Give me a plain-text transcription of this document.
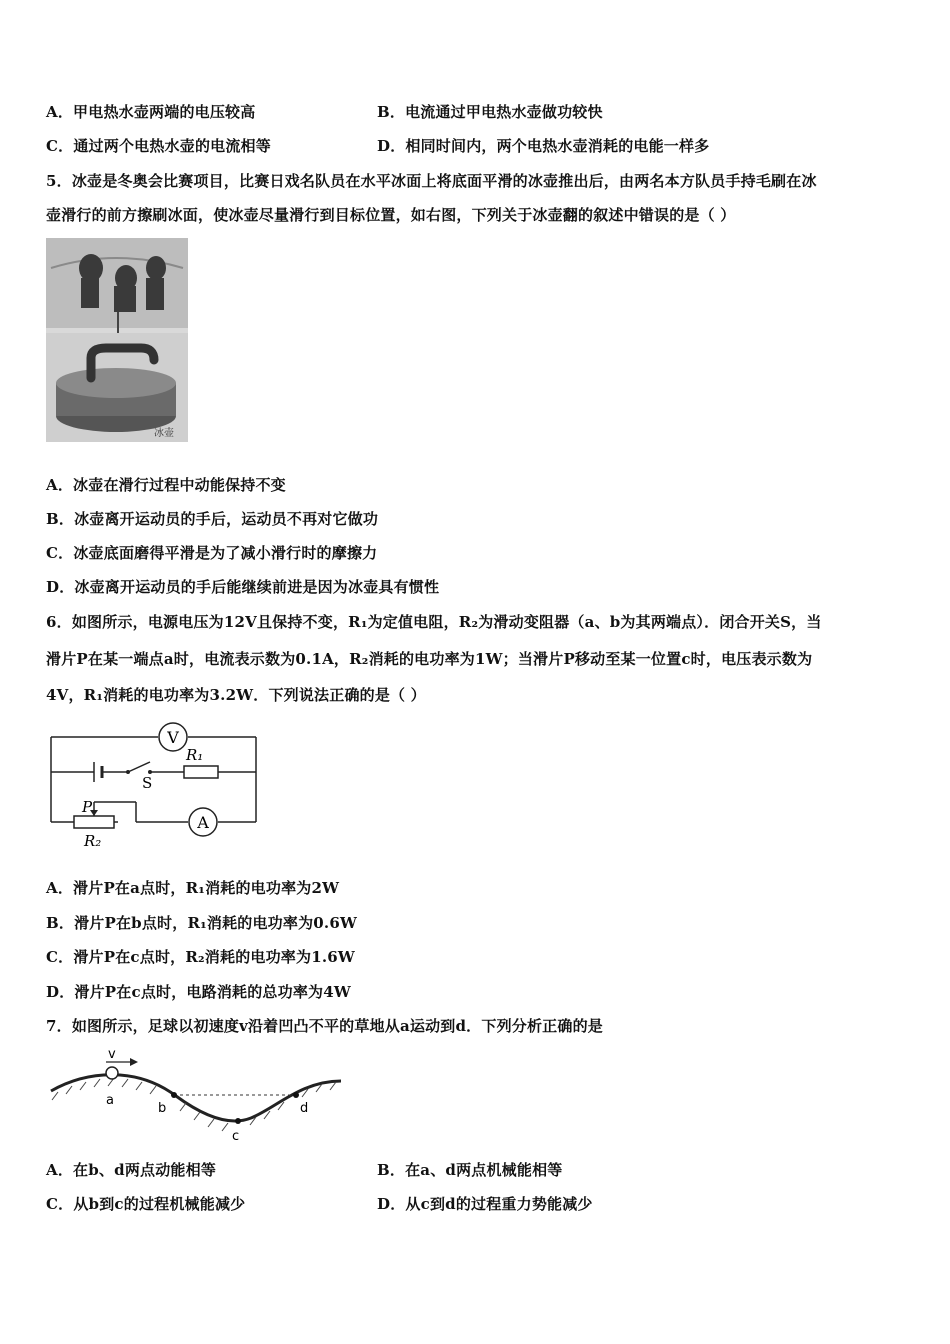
A．甲电热水壶两端的电压较高	B．电流通过甲电热水壶做功较快
C．通过两个电热水壶的电流相等	D．相同时间内，两个电热水壶消耗的电能一样多
5．冰壶是冬奥会比赛项目，比赛日戏名队员在水平冰面上将底面平滑的冰壶推出后，由两名本方队员手持毛刷在冰
壶滑行的前方擦刷冰面，使冰壶尽量滑行到目标位置，如右图，下列关于冰壶翻的叙述中错误的是（ ）
冰壶
A．冰壶在滑行过程中动能保持不变
B．冰壶离开运动员的手后，运动员不再对它做功
C．冰壶底面磨得平滑是为了减小滑行时的摩擦力
D．冰壶离开运动员的手后能继续前进是因为冰壶具有惯性
6．如图所示，电源电压为12V且保持不变，R₁为定值电阻，R₂为滑动变阻器（a、b为其两端点）．闭合开关S，当
滑片P在某一端点a时，电流表示数为0.1A，R₂消耗的电功率为1W；当滑片P移动至某一位置c时，电压表示数为
4V，R₁消耗的电功率为3.2W．下列说法正确的是（ ）
V
S
R₁
P
R₂
A
A．滑片P在a点时，R₁消耗的电功率为2W
B．滑片P在b点时，R₁消耗的电功率为0.6W
C．滑片P在c点时，R₂消耗的电功率为1.6W
D．滑片P在c点时，电路消耗的总功率为4W
7．如图所示，足球以初速度v沿着凹凸不平的草地从a运动到d．下列分析正确的是
v
a
b
c
d
A．在b、d两点动能相等	B．在a、d两点机械能相等
C．从b到c的过程机械能减少	D．从c到d的过程重力势能减少
